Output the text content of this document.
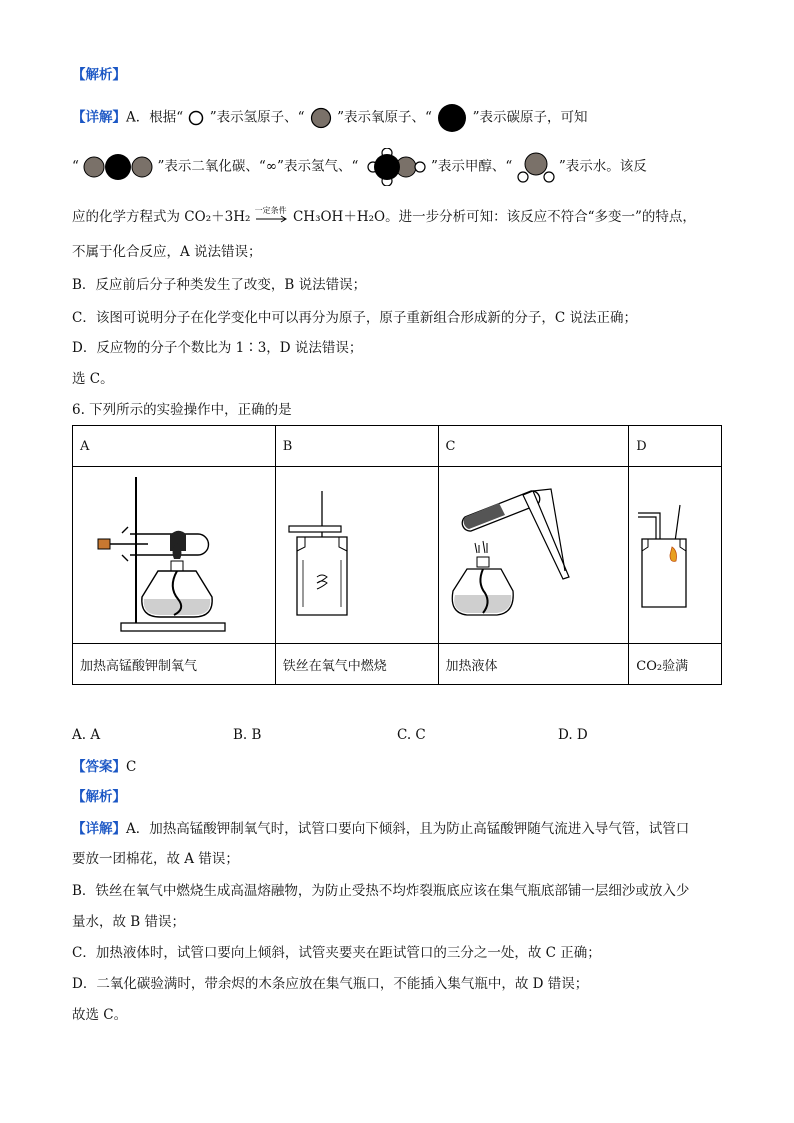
【解析】
【详解】A．根据“ ”表示氢原子、“ ”表示氧原子、“	”表示碳原子，可知
“	”表示二氧化碳、“∞”表示氢气、“	”表示甲醇、“	”表示水。该反
应的化学方程式为 CO₂＋3H₂ 一定条件 CH₃OH＋H₂O。进一步分析可知：该反应不符合“多变一”的特点，
不属于化合反应，A 说法错误；
B．反应前后分子种类发生了改变，B 说法错误；
C．该图可说明分子在化学变化中可以再分为原子，原子重新组合形成新的分子，C 说法正确；
D．反应物的分子个数比为 1∶3，D 说法错误；
选 C。
6. 下列所示的实验操作中，正确的是
A	B	C	D

加热高锰酸钾制氧气	铁丝在氧气中燃烧	加热液体	CO₂验满
A. A	B. B	C. C	D. D
【答案】C
【解析】
【详解】A．加热高锰酸钾制氧气时，试管口要向下倾斜，且为防止高锰酸钾随气流进入导气管，试管口
要放一团棉花，故 A 错误；
B．铁丝在氧气中燃烧生成高温熔融物，为防止受热不均炸裂瓶底应该在集气瓶底部铺一层细沙或放入少
量水，故 B 错误；
C．加热液体时，试管口要向上倾斜，试管夹要夹在距试管口的三分之一处，故 C 正确；
D．二氧化碳验满时，带余烬的木条应放在集气瓶口，不能插入集气瓶中，故 D 错误；
故选 C。
